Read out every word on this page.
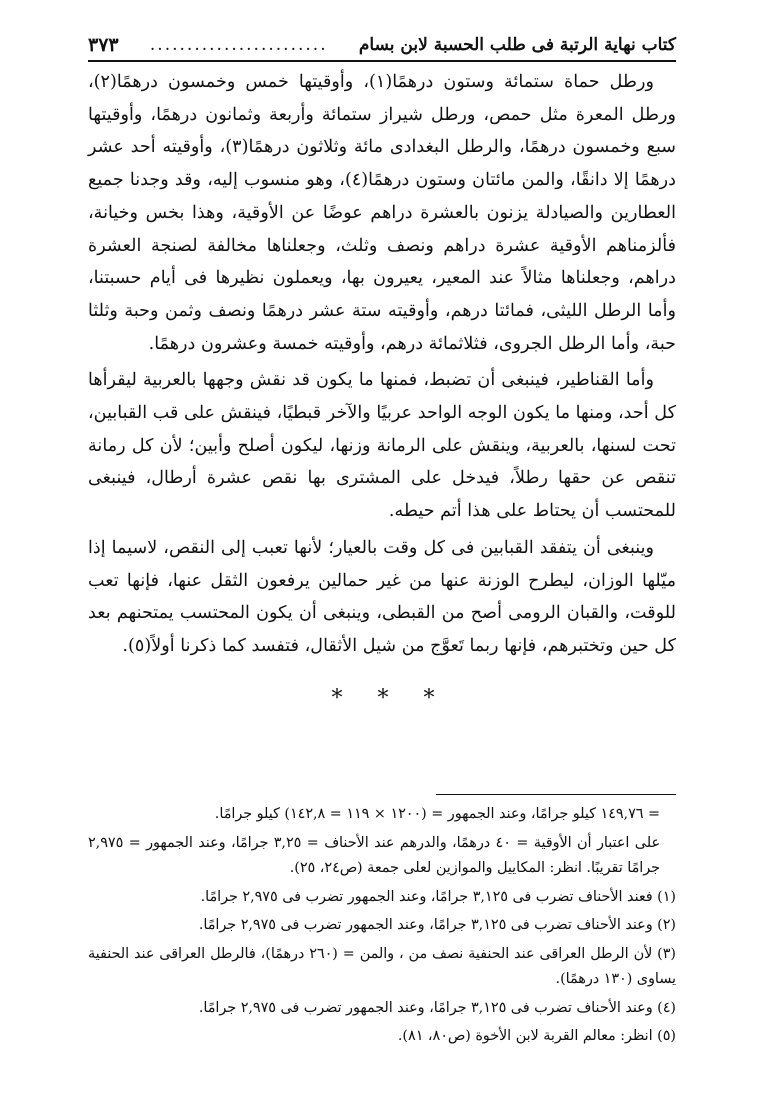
كتاب نهاية الرتبة فى طلب الحسبة لابن بسام
........................
٣٧٣

ورطل حماة ستمائة وستون درهمًا(١)، وأوقيتها خمس وخمسون درهمًا(٢)، ورطل المعرة مثل حمص، ورطل شيراز ستمائة وأربعة وثمانون درهمًا، وأوقيتها سبع وخمسون درهمًا، والرطل البغدادى مائة وثلاثون درهمًا(٣)، وأوقيته أحد عشر درهمًا إلا دانقًا، والمن مائتان وستون درهمًا(٤)، وهو منسوب إليه، وقد وجدنا جميع العطارين والصيادلة يزنون بالعشرة دراهم عوضًا عن الأوقية، وهذا بخس وخيانة، فألزمناهم الأوقية عشرة دراهم ونصف وثلث، وجعلناها مخالفة لصنجة العشرة دراهم، وجعلناها مثالاً عند المعير، يعيرون بها، ويعملون نظيرها فى أيام حسبتنا، وأما الرطل الليثى، فمائتا درهم، وأوقيته ستة عشر درهمًا ونصف وثمن وحبة وثلثا حبة، وأما الرطل الجروى، فثلاثمائة درهم، وأوقيته خمسة وعشرون درهمًا.

وأما القناطير، فينبغى أن تضبط، فمنها ما يكون قد نقش وجهها بالعربية ليقرأها كل أحد، ومنها ما يكون الوجه الواحد عربيًا والآخر قبطيًا، فينقش على قب القبابين، تحت لسنها، بالعربية، وينقش على الرمانة وزنها، ليكون أصلح وأبين؛ لأن كل رمانة تنقص عن حقها رطلاً، فيدخل على المشترى بها نقص عشرة أرطال، فينبغى للمحتسب أن يحتاط على هذا أتم حيطه.

وينبغى أن يتفقد القبابين فى كل وقت بالعيار؛ لأنها تعبب إلى النقص، لاسيما إذا ميّلها الوزان، ليطرح الوزنة عنها من غير حمالين يرفعون الثقل عنها، فإنها تعب للوقت، والقبان الرومى أصح من القبطى، وينبغى أن يكون المحتسب يمتحنهم بعد كل حين وتختبرهم، فإنها ربما تَعوَّج من شيل الأثقال، فتفسد كما ذكرنا أولاً(٥).

* * *
= ١٤٩,٧٦ كيلو جرامًا، وعند الجمهور = (١٢٠٠ × ١١٩ = ١٤٢,٨) كيلو جرامًا.
على اعتبار أن الأوقية = ٤٠ درهمًا، والدرهم عند الأحناف = ٣,٢٥ جرامًا، وعند الجمهور = ٢,٩٧٥ جرامًا تقريبًا. انظر: المكاييل والموازين لعلى جمعة (ص٢٤، ٢٥).
(١) فعند الأحناف تضرب فى ٣,١٢٥ جرامًا، وعند الجمهور تضرب فى ٢,٩٧٥ جرامًا.
(٢) وعند الأحناف تضرب فى ٣,١٢٥ جرامًا، وعند الجمهور تضرب فى ٢,٩٧٥ جرامًا.
(٣) لأن الرطل العراقى عند الحنفية نصف من ، والمن = (٢٦٠ درهمًا)، فالرطل العراقى عند الحنفية يساوى (١٣٠ درهمًا).
(٤) وعند الأحناف تضرب فى ٣,١٢٥ جرامًا، وعند الجمهور تضرب فى ٢,٩٧٥ جرامًا.
(٥) انظر: معالم القربة لابن الأخوة (ص٨٠، ٨١).
